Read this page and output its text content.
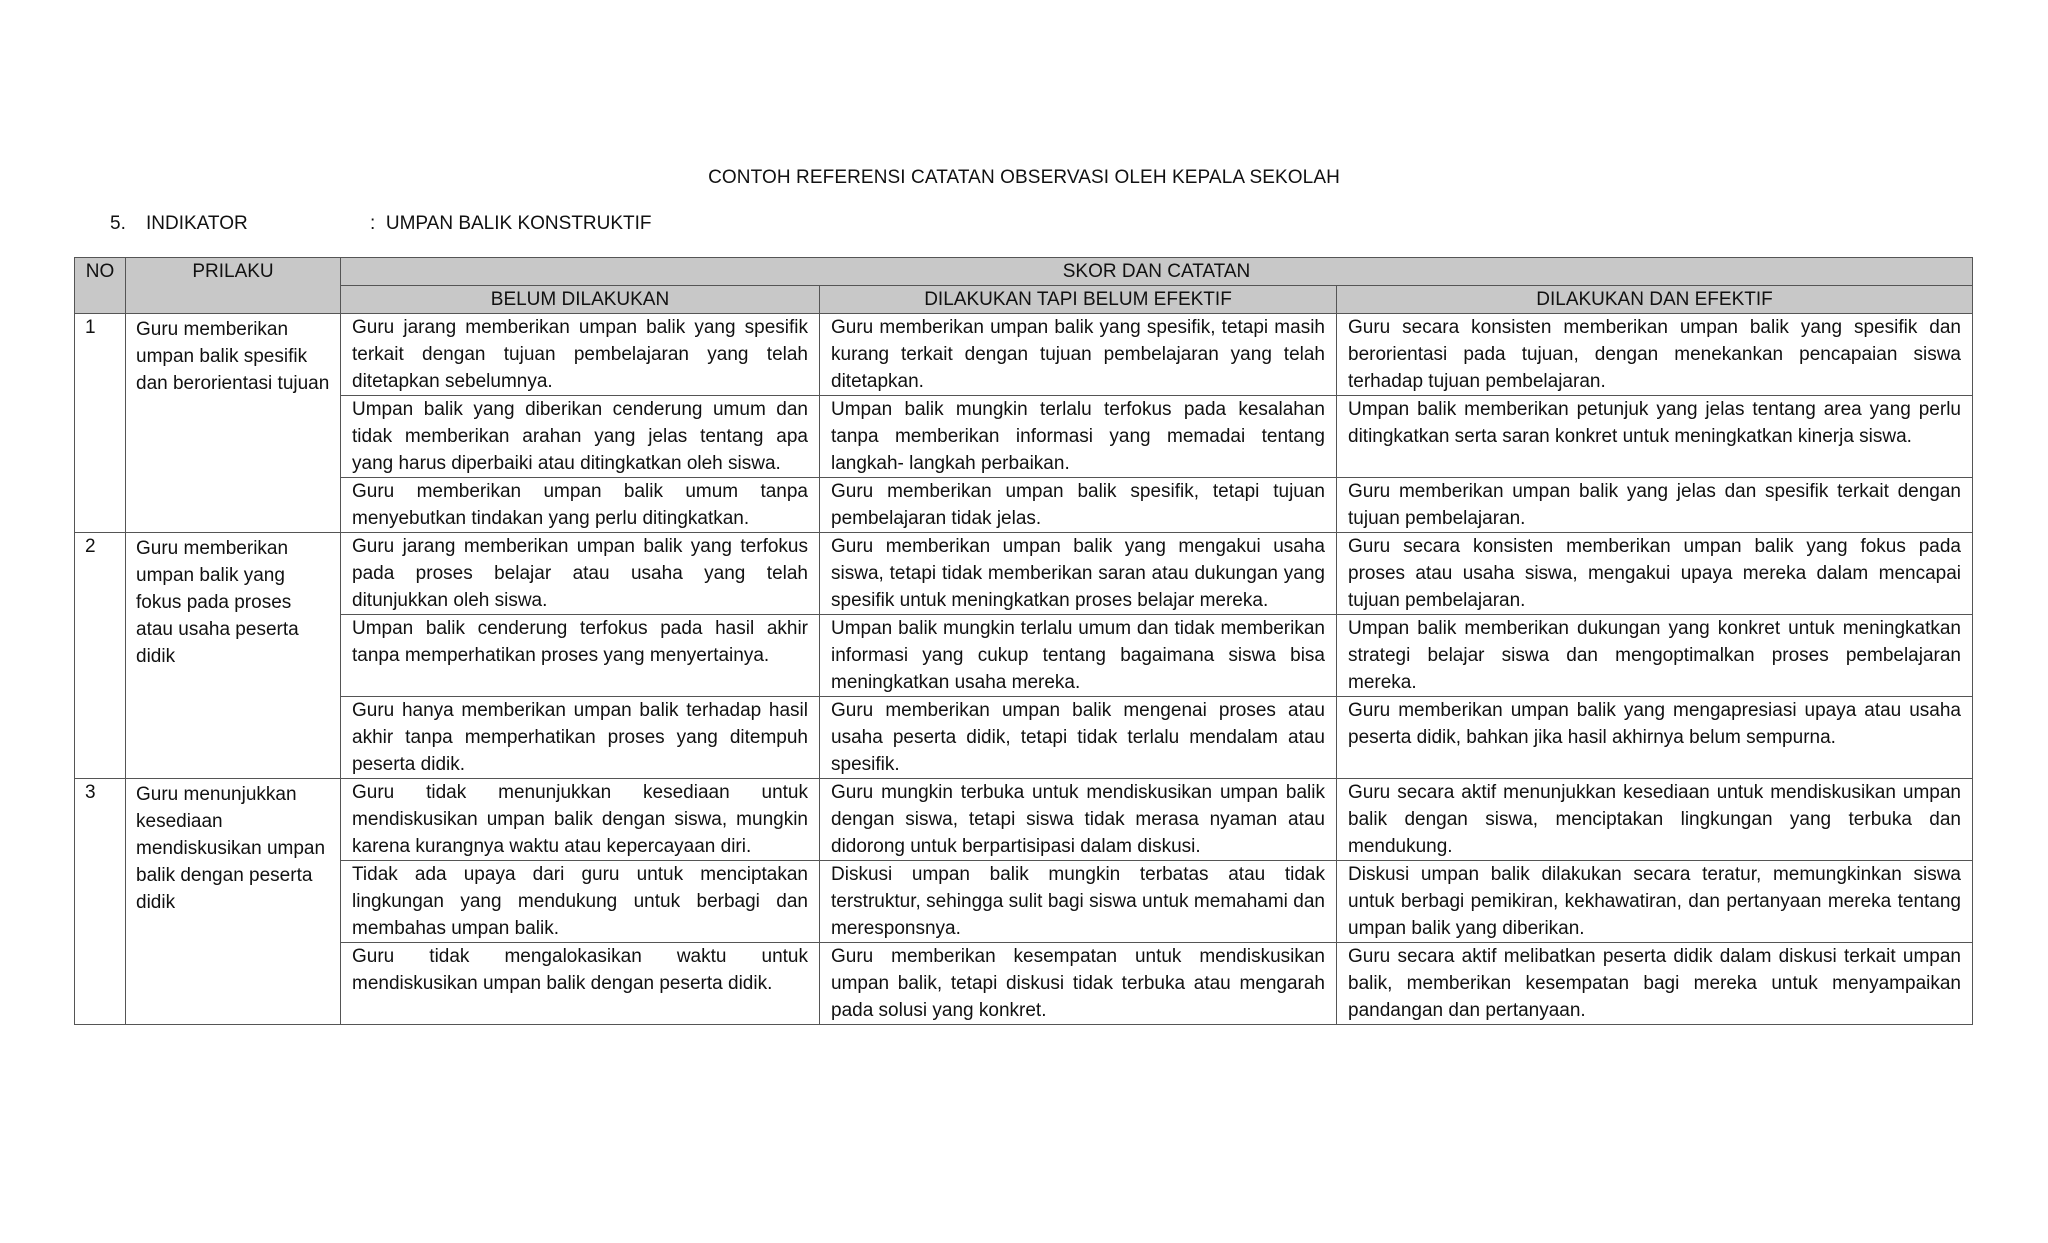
CONTOH REFERENSI CATATAN OBSERVASI OLEH KEPALA SEKOLAH
5. INDIKATOR	: UMPAN BALIK KONSTRUKTIF
NO	PRILAKU	SKOR DAN CATATAN		
		BELUM DILAKUKAN	DILAKUKAN TAPI BELUM EFEKTIF	DILAKUKAN DAN EFEKTIF
1	Guru memberikan umpan balik spesifik dan berorientasi tujuan	Guru jarang memberikan umpan balik yang spesifik terkait dengan tujuan pembelajaran yang telah ditetapkan sebelumnya.	Guru memberikan umpan balik yang spesifik, tetapi masih kurang terkait dengan tujuan pembelajaran yang telah ditetapkan.	Guru secara konsisten memberikan umpan balik yang spesifik dan berorientasi pada tujuan, dengan menekankan pencapaian siswa terhadap tujuan pembelajaran.
		Umpan balik yang diberikan cenderung umum dan tidak memberikan arahan yang jelas tentang apa yang harus diperbaiki atau ditingkatkan oleh siswa.	Umpan balik mungkin terlalu terfokus pada kesalahan tanpa memberikan informasi yang memadai tentang langkah- langkah perbaikan.	Umpan balik memberikan petunjuk yang jelas tentang area yang perlu ditingkatkan serta saran konkret untuk meningkatkan kinerja siswa.
		Guru memberikan umpan balik umum tanpa menyebutkan tindakan yang perlu ditingkatkan.	Guru memberikan umpan balik spesifik, tetapi tujuan pembelajaran tidak jelas.	Guru memberikan umpan balik yang jelas dan spesifik terkait dengan tujuan pembelajaran.
2	Guru memberikan umpan balik yang fokus pada proses atau usaha peserta didik	Guru jarang memberikan umpan balik yang terfokus pada proses belajar atau usaha yang telah ditunjukkan oleh siswa.	Guru memberikan umpan balik yang mengakui usaha siswa, tetapi tidak memberikan saran atau dukungan yang spesifik untuk meningkatkan proses belajar mereka.	Guru secara konsisten memberikan umpan balik yang fokus pada proses atau usaha siswa, mengakui upaya mereka dalam mencapai tujuan pembelajaran.
		Umpan balik cenderung terfokus pada hasil akhir tanpa memperhatikan proses yang menyertainya.	Umpan balik mungkin terlalu umum dan tidak memberikan informasi yang cukup tentang bagaimana siswa bisa meningkatkan usaha mereka.	Umpan balik memberikan dukungan yang konkret untuk meningkatkan strategi belajar siswa dan mengoptimalkan proses pembelajaran mereka.
		Guru hanya memberikan umpan balik terhadap hasil akhir tanpa memperhatikan proses yang ditempuh peserta didik.	Guru memberikan umpan balik mengenai proses atau usaha peserta didik, tetapi tidak terlalu mendalam atau spesifik.	Guru memberikan umpan balik yang mengapresiasi upaya atau usaha peserta didik, bahkan jika hasil akhirnya belum sempurna.
3	Guru menunjukkan kesediaan mendiskusikan umpan balik dengan peserta didik	Guru tidak menunjukkan kesediaan untuk mendiskusikan umpan balik dengan siswa, mungkin karena kurangnya waktu atau kepercayaan diri.	Guru mungkin terbuka untuk mendiskusikan umpan balik dengan siswa, tetapi siswa tidak merasa nyaman atau didorong untuk berpartisipasi dalam diskusi.	Guru secara aktif menunjukkan kesediaan untuk mendiskusikan umpan balik dengan siswa, menciptakan lingkungan yang terbuka dan mendukung.
		Tidak ada upaya dari guru untuk menciptakan lingkungan yang mendukung untuk berbagi dan membahas umpan balik.	Diskusi umpan balik mungkin terbatas atau tidak terstruktur, sehingga sulit bagi siswa untuk memahami dan meresponsnya.	Diskusi umpan balik dilakukan secara teratur, memungkinkan siswa untuk berbagi pemikiran, kekhawatiran, dan pertanyaan mereka tentang umpan balik yang diberikan.
		Guru tidak mengalokasikan waktu untuk mendiskusikan umpan balik dengan peserta didik.	Guru memberikan kesempatan untuk mendiskusikan umpan balik, tetapi diskusi tidak terbuka atau mengarah pada solusi yang konkret.	Guru secara aktif melibatkan peserta didik dalam diskusi terkait umpan balik, memberikan kesempatan bagi mereka untuk menyampaikan pandangan dan pertanyaan.
